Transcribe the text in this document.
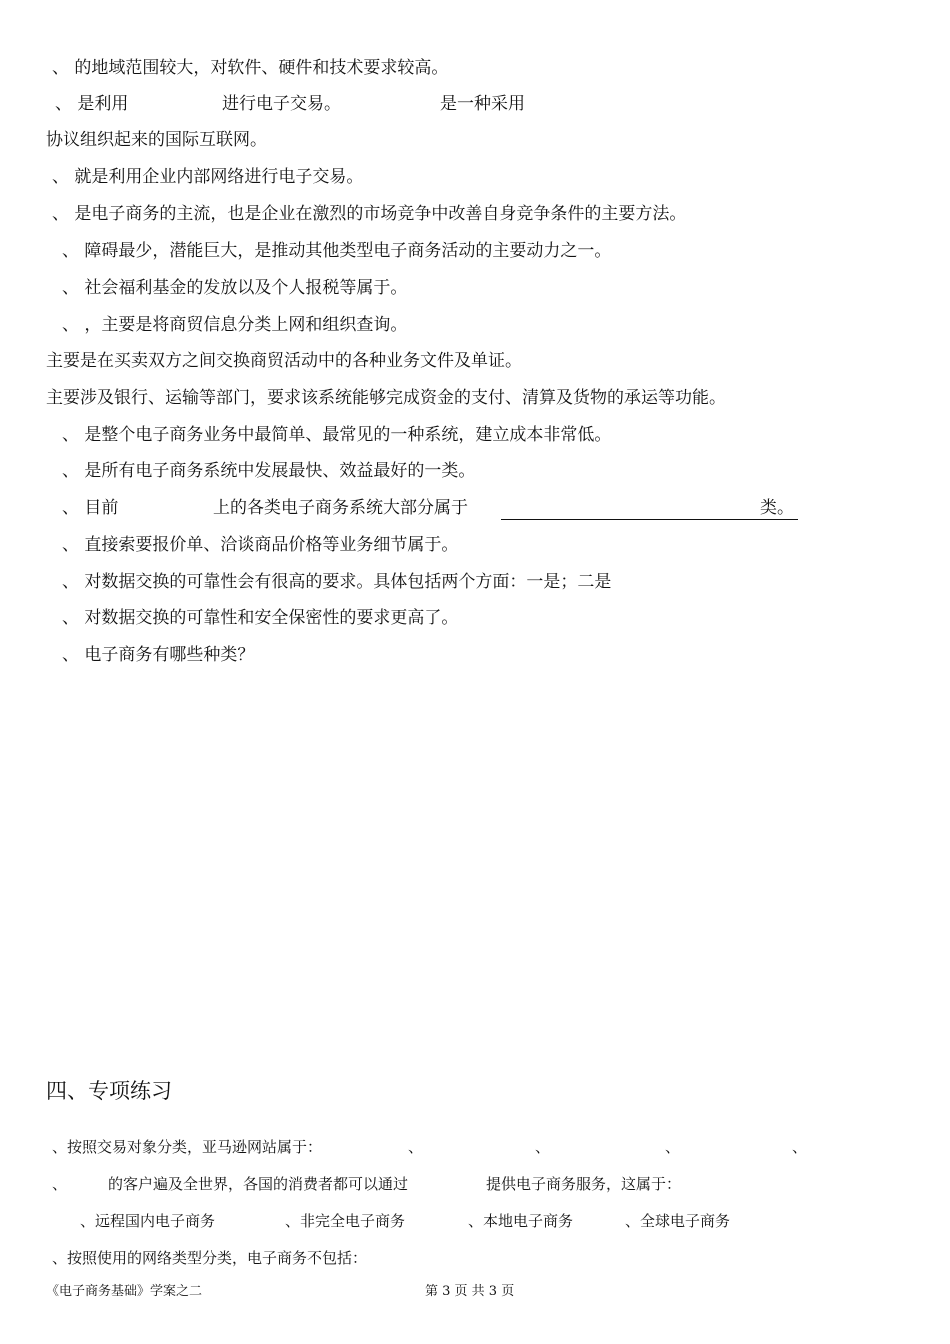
、 的地域范围较大，对软件、硬件和技术要求较高。
、 是利用	进行电子交易。	是一种采用
协议组织起来的国际互联网。
、 就是利用企业内部网络进行电子交易。
、 是电子商务的主流，也是企业在激烈的市场竞争中改善自身竞争条件的主要方法。
、 障碍最少，潜能巨大，是推动其他类型电子商务活动的主要动力之一。
、 社会福利基金的发放以及个人报税等属于。
、 ，主要是将商贸信息分类上网和组织查询。
主要是在买卖双方之间交换商贸活动中的各种业务文件及单证。
主要涉及银行、运输等部门，要求该系统能够完成资金的支付、清算及货物的承运等功能。
、 是整个电子商务业务中最简单、最常见的一种系统，建立成本非常低。
、 是所有电子商务系统中发展最快、效益最好的一类。
、 目前	上的各类电子商务系统大部分属于	类。
、 直接索要报价单、洽谈商品价格等业务细节属于。
、 对数据交换的可靠性会有很高的要求。具体包括两个方面：一是；二是
、 对数据交换的可靠性和安全保密性的要求更高了。
、 电子商务有哪些种类？
四、专项练习
、按照交易对象分类，亚马逊网站属于：	、	、	、	、
、	的客户遍及全世界，各国的消费者都可以通过	提供电子商务服务，这属于：
、远程国内电子商务	、非完全电子商务	、本地电子商务	、全球电子商务
、按照使用的网络类型分类，电子商务不包括：
《电子商务基础》学案之二	第 3 页 共 3 页
